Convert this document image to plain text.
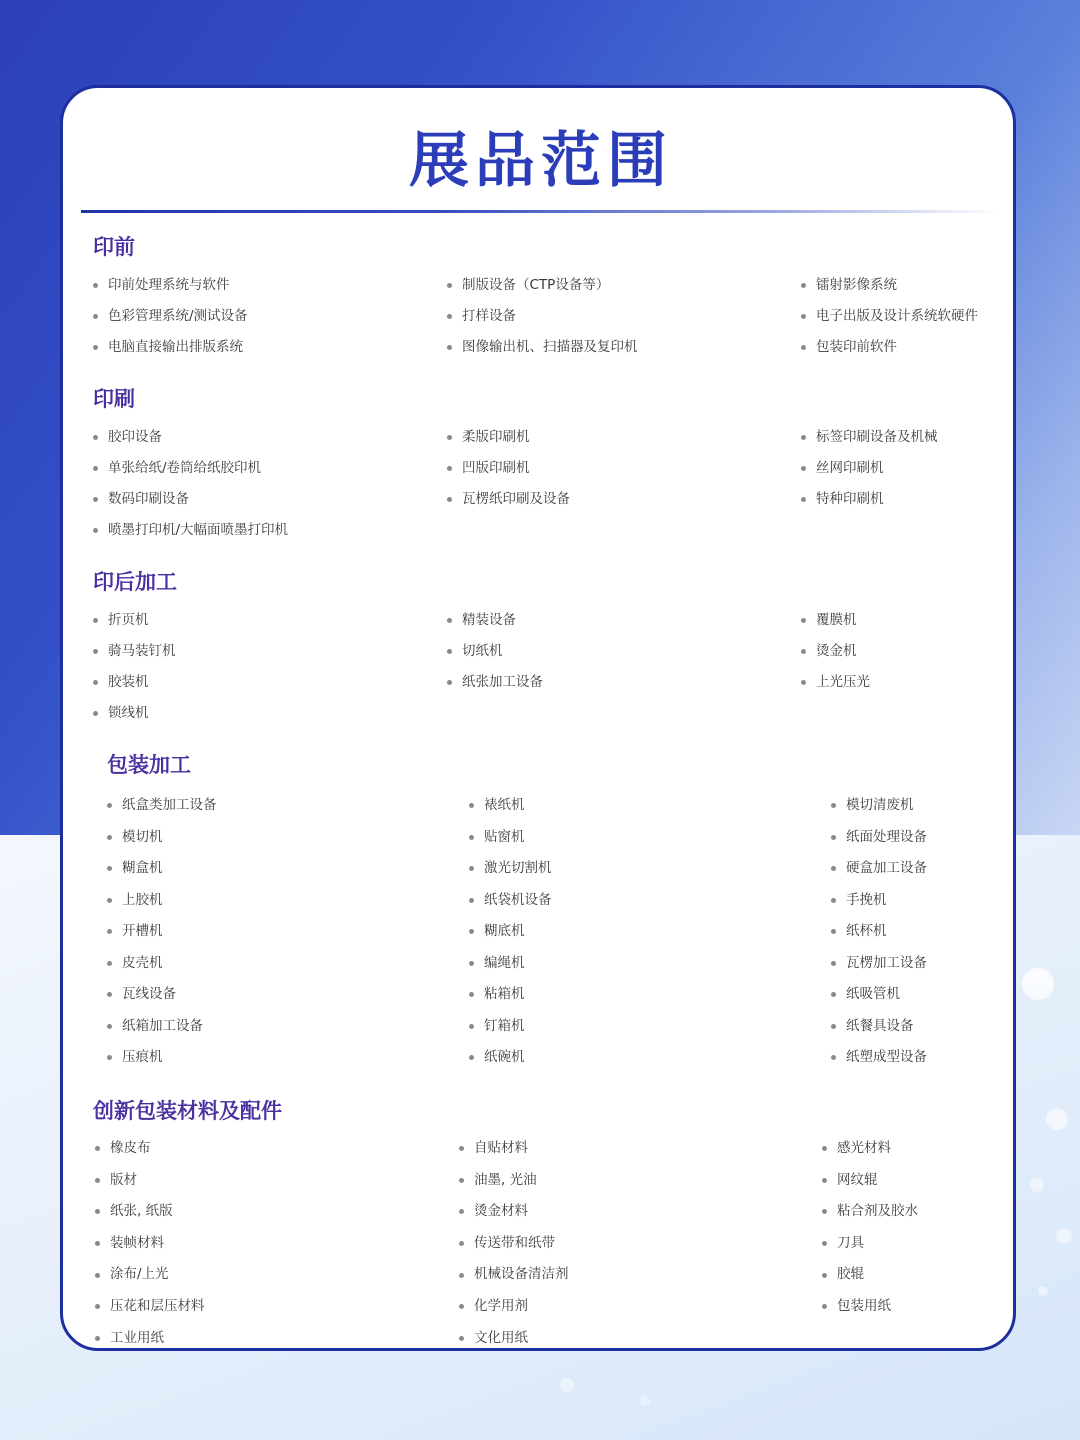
展品范围
印前
印前处理系统与软件
色彩管理系统/测试设备
电脑直接输出排版系统
制版设备（CTP设备等）
打样设备
图像输出机、扫描器及复印机
镭射影像系统
电子出版及设计系统软硬件
包装印前软件
印刷
胶印设备
单张给纸/卷筒给纸胶印机
数码印刷设备
喷墨打印机/大幅面喷墨打印机
柔版印刷机
凹版印刷机
瓦楞纸印刷及设备
标签印刷设备及机械
丝网印刷机
特种印刷机
印后加工
折页机
骑马装钉机
胶装机
锁线机
精装设备
切纸机
纸张加工设备
覆膜机
烫金机
上光压光
包装加工
纸盒类加工设备
模切机
糊盒机
上胶机
开槽机
皮壳机
瓦线设备
纸箱加工设备
压痕机
裱纸机
贴窗机
激光切割机
纸袋机设备
糊底机
编绳机
粘箱机
钉箱机
纸碗机
模切清废机
纸面处理设备
硬盒加工设备
手挽机
纸杯机
瓦楞加工设备
纸吸管机
纸餐具设备
纸塑成型设备
创新包装材料及配件
橡皮布
版材
纸张, 纸版
装帧材料
涂布/上光
压花和层压材料
工业用纸
自贴材料
油墨, 光油
烫金材料
传送带和纸带
机械设备清洁剂
化学用剂
文化用纸
感光材料
网纹辊
粘合剂及胶水
刀具
胶辊
包装用纸
